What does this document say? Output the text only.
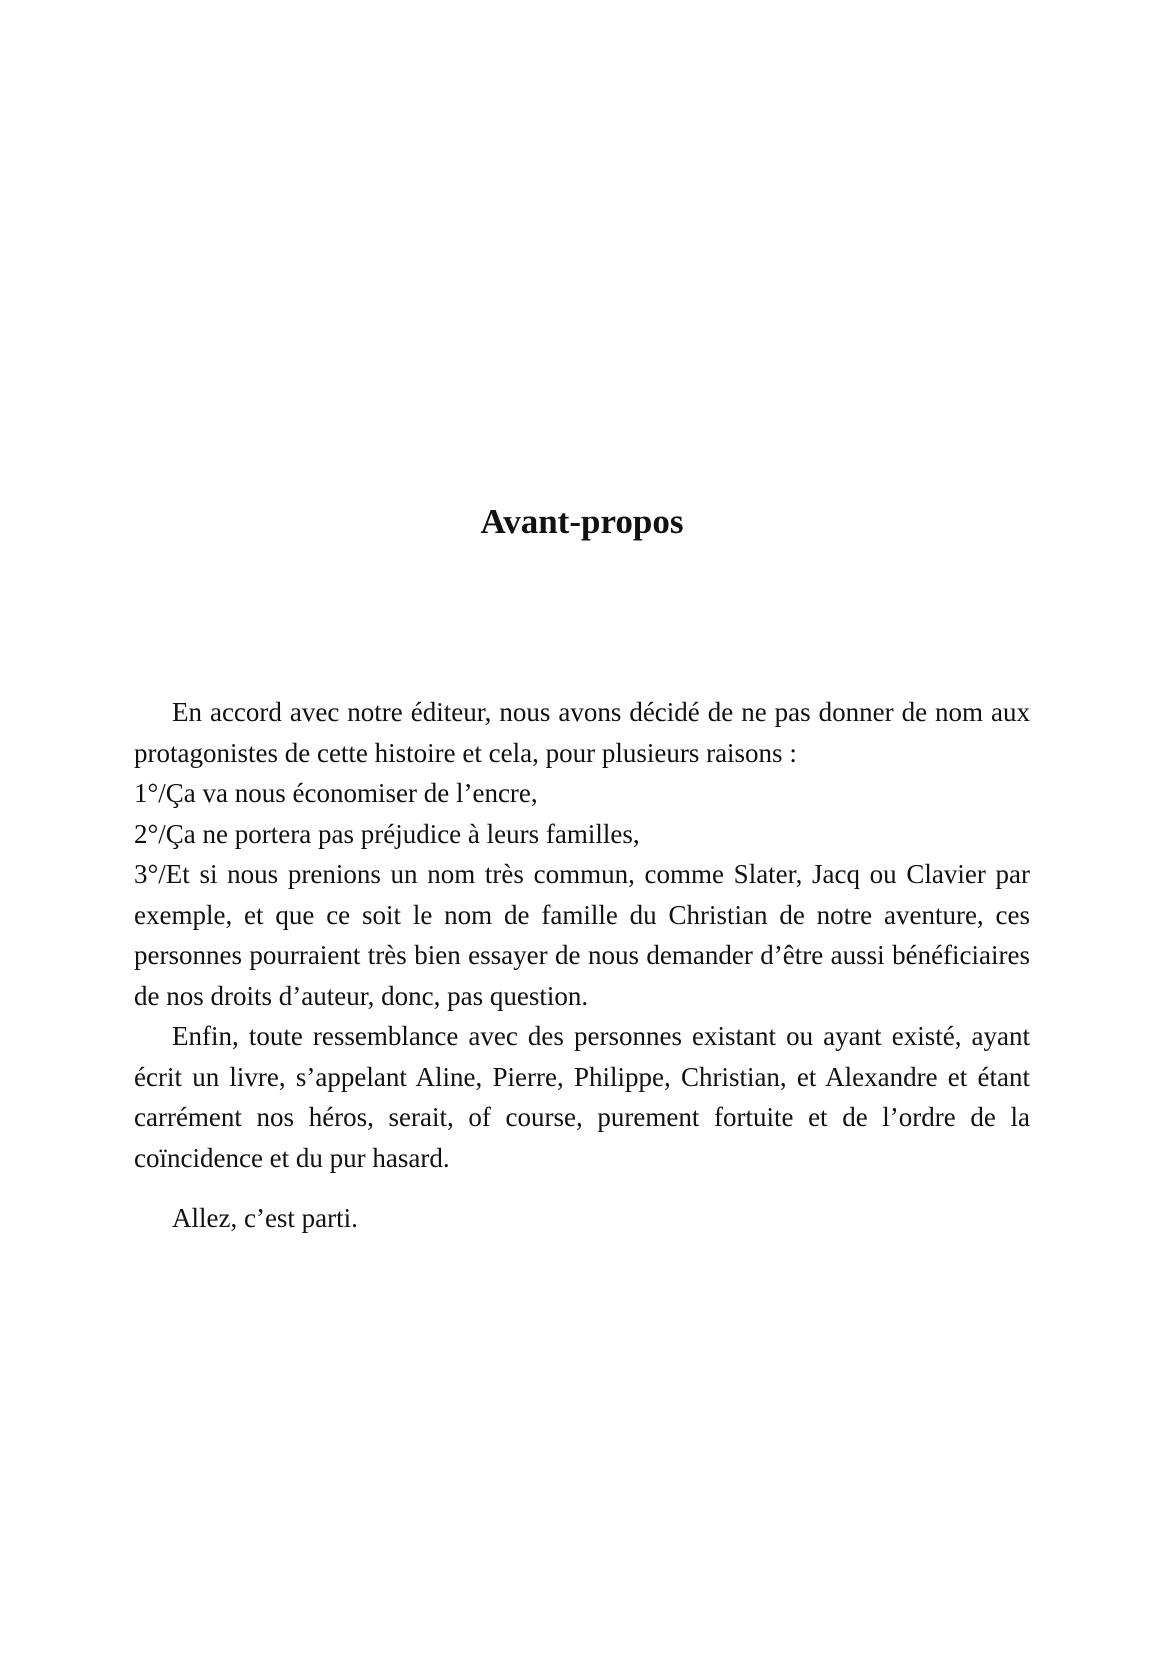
Avant-propos

En accord avec notre éditeur, nous avons décidé de ne pas donner de nom aux protagonistes de cette histoire et cela, pour plusieurs raisons :

1°/Ça va nous économiser de l’encre,

2°/Ça ne portera pas préjudice à leurs familles,

3°/Et si nous prenions un nom très commun, comme Slater, Jacq ou Clavier par exemple, et que ce soit le nom de famille du Christian de notre aventure, ces personnes pourraient très bien essayer de nous demander d’être aussi bénéficiaires de nos droits d’auteur, donc, pas question.

Enfin, toute ressemblance avec des personnes existant ou ayant existé, ayant écrit un livre, s’appelant Aline, Pierre, Philippe, Christian, et Alexandre et étant carrément nos héros, serait, of course, purement fortuite et de l’ordre de la coïncidence et du pur hasard.

Allez, c’est parti.
